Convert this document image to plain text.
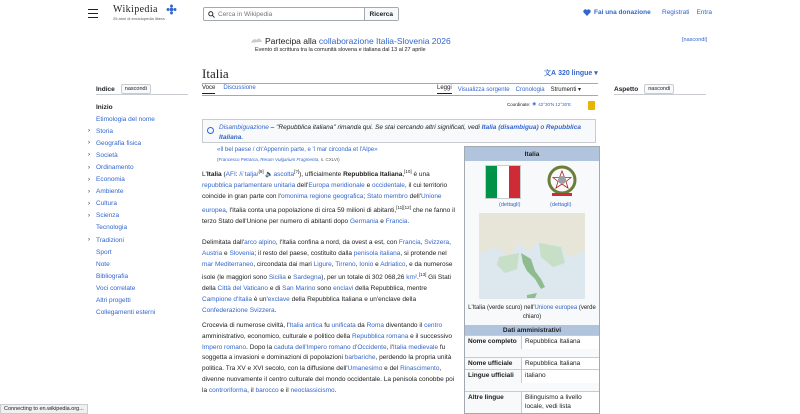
Wikipedia
25 anni di enciclopedia libera
Cerca in Wikipedia
Ricerca	Fai una donazione Registrati Entra
Partecipa alla collaborazione Italia-Slovenia 2026
Evento di scrittura tra la comunità slovena e italiana dal 13 al 27 aprile
[nascondi]
Italia	文A 320 lingue ▾
Indice	nascondi
Inizio
Etimologia del nome
› Storia
› Geografia fisica
› Società
› Ordinamento
› Economia
› Ambiente
› Cultura
› Scienza
Tecnologia
› Tradizioni
Sport
Note
Bibliografia
Voci correlate
Altri progetti
Collegamenti esterni
Voce Discussione	Leggi Visualizza sorgente Cronologia Strumenti ▾
Coordinate: ◉ 42°30′N 12°30′E
Aspetto	nascondi
Disambiguazione – "Repubblica italiana" rimanda qui. Se stai cercando altri significati, vedi Italia (disambigua) o Repubblica Italiana.
«Il bel paese / ch'Appennin parte, e 'l mar circonda et l'Alpe»
(Francesco Petrarca, Rerum Vulgarium Fragmenta, s. CXLVI)
L'Italia (AFI: /iˈtalja/[9] 🔈ascolta[?]), ufficialmente Repubblica Italiana,[10] è una repubblica parlamentare unitaria dell'Europa meridionale e occidentale, il cui territorio coincide in gran parte con l'omonima regione geografica; Stato membro dell'Unione europea, l'Italia conta una popolazione di circa 59 milioni di abitanti,[11][12] che ne fanno il terzo Stato dell'Unione per numero di abitanti dopo Germania e Francia.
Delimitata dall'arco alpino, l'Italia confina a nord, da ovest a est, con Francia, Svizzera, Austria e Slovenia; il resto del paese, costituito dalla penisola italiana, si protende nel mar Mediterraneo, circondata dai mari Ligure, Tirreno, Ionio e Adriatico, e da numerose isole (le maggiori sono Sicilia e Sardegna), per un totale di 302 068,26 km².[13] Gli Stati della Città del Vaticano e di San Marino sono enclavi della Repubblica, mentre Campione d'Italia è un'exclave della Repubblica Italiana e un'enclave della Confederazione Svizzera.
Crocevia di numerose civiltà, l'Italia antica fu unificata da Roma diventando il centro amministrativo, economico, culturale e politico della Repubblica romana e il successivo Impero romano. Dopo la caduta dell'Impero romano d'Occidente, l'Italia medievale fu soggetta a invasioni e dominazioni di popolazioni barbariche, perdendo la propria unità politica. Tra XV e XVI secolo, con la diffusione dell'Umanesimo e del Rinascimento, divenne nuovamente il centro culturale del mondo occidentale. La penisola conobbe poi la controriforma, il barocco e il neoclassicismo.
Italia
(dettagli)	(dettagli)
L'Italia (verde scuro) nell'Unione europea (verde chiaro)
Dati amministrativi
Nome completo	Repubblica Italiana
Nome ufficiale	Repubblica Italiana
Lingue ufficiali	italiano
Altre lingue	Bilinguismo a livello locale, vedi lista
Connecting to en.wikipedia.org...
